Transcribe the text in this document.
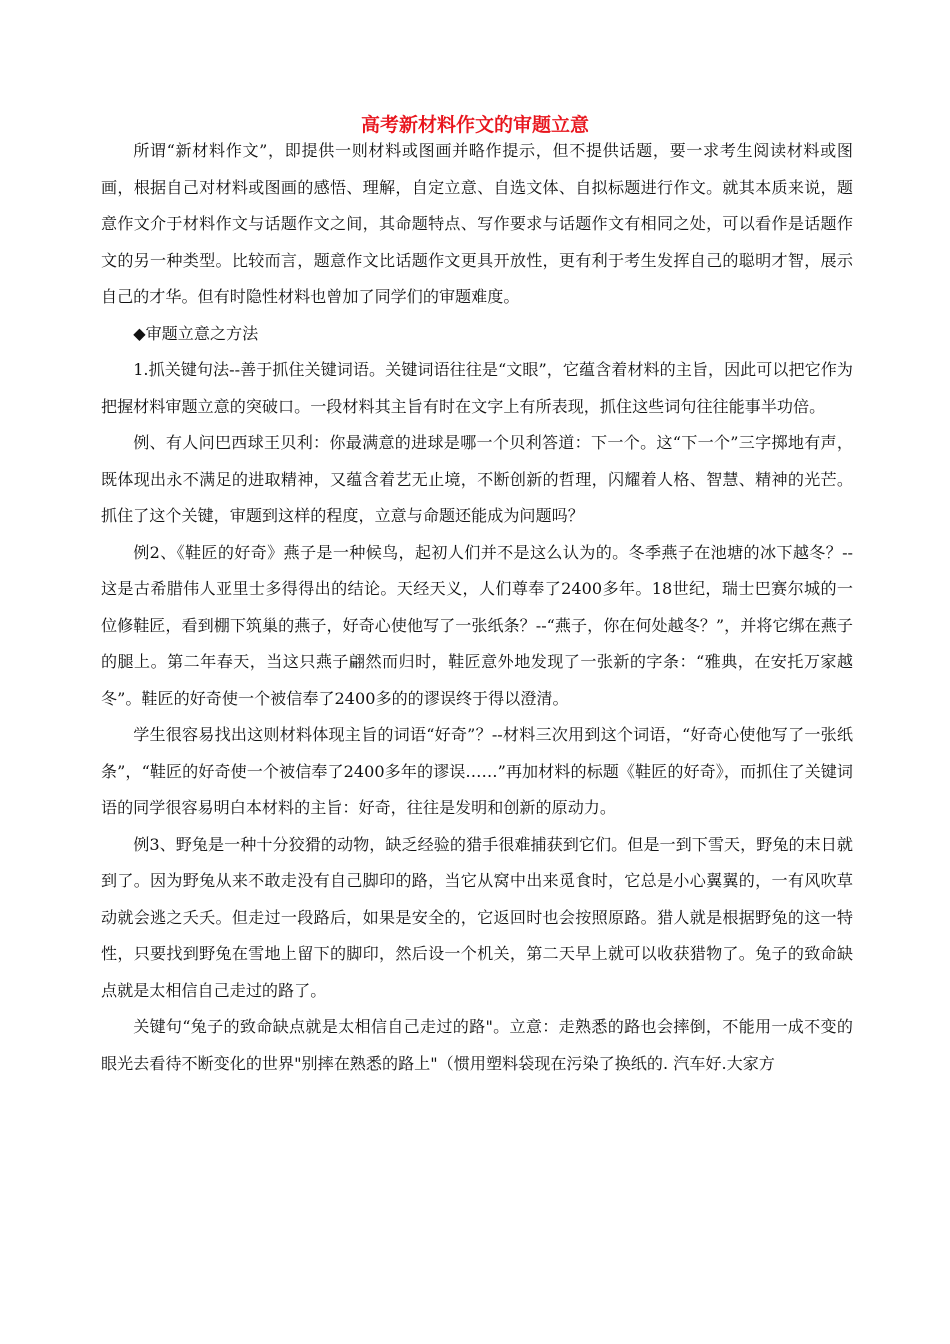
高考新材料作文的审题立意

所谓“新材料作文”，即提供一则材料或图画并略作提示，但不提供话题，要一求考生阅读材料或图画，根据自己对材料或图画的感悟、理解，自定立意、自选文体、自拟标题进行作文。就其本质来说，题意作文介于材料作文与话题作文之间，其命题特点、写作要求与话题作文有相同之处，可以看作是话题作文的另一种类型。比较而言，题意作文比话题作文更具开放性，更有利于考生发挥自己的聪明才智，展示自己的才华。但有时隐性材料也曾加了同学们的审题难度。

◆审题立意之方法

1.抓关键句法--善于抓住关键词语。关键词语往往是“文眼”，它蕴含着材料的主旨，因此可以把它作为把握材料审题立意的突破口。一段材料其主旨有时在文字上有所表现，抓住这些词句往往能事半功倍。

例、有人问巴西球王贝利：你最满意的进球是哪一个贝利答道：下一个。这“下一个”三字掷地有声，既体现出永不满足的进取精神，又蕴含着艺无止境，不断创新的哲理，闪耀着人格、智慧、精神的光芒。抓住了这个关键，审题到这样的程度，立意与命题还能成为问题吗？

例2、《鞋匠的好奇》燕子是一种候鸟，起初人们并不是这么认为的。冬季燕子在池塘的冰下越冬？--这是古希腊伟人亚里士多得得出的结论。天经天义，人们尊奉了2400多年。18世纪，瑞士巴赛尔城的一位修鞋匠，看到棚下筑巢的燕子，好奇心使他写了一张纸条？--“燕子，你在何处越冬？”，并将它绑在燕子的腿上。第二年春天，当这只燕子翩然而归时，鞋匠意外地发现了一张新的字条：“雅典，在安托万家越冬”。鞋匠的好奇使一个被信奉了2400多的的谬误终于得以澄清。

学生很容易找出这则材料体现主旨的词语“好奇”？--材料三次用到这个词语，“好奇心使他写了一张纸条”，“鞋匠的好奇使一个被信奉了2400多年的谬误……”再加材料的标题《鞋匠的好奇》，而抓住了关键词语的同学很容易明白本材料的主旨：好奇，往往是发明和创新的原动力。

例3、野兔是一种十分狡猾的动物，缺乏经验的猎手很难捕获到它们。但是一到下雪天，野兔的末日就到了。因为野兔从来不敢走没有自己脚印的路，当它从窝中出来觅食时，它总是小心翼翼的，一有风吹草动就会逃之夭夭。但走过一段路后，如果是安全的，它返回时也会按照原路。猎人就是根据野兔的这一特性，只要找到野兔在雪地上留下的脚印，然后设一个机关，第二天早上就可以收获猎物了。兔子的致命缺点就是太相信自己走过的路了。

关键句“兔子的致命缺点就是太相信自己走过的路"。立意：走熟悉的路也会摔倒，不能用一成不变的眼光去看待不断变化的世界"别摔在熟悉的路上"（惯用塑料袋现在污染了换纸的. 汽车好.大家方
